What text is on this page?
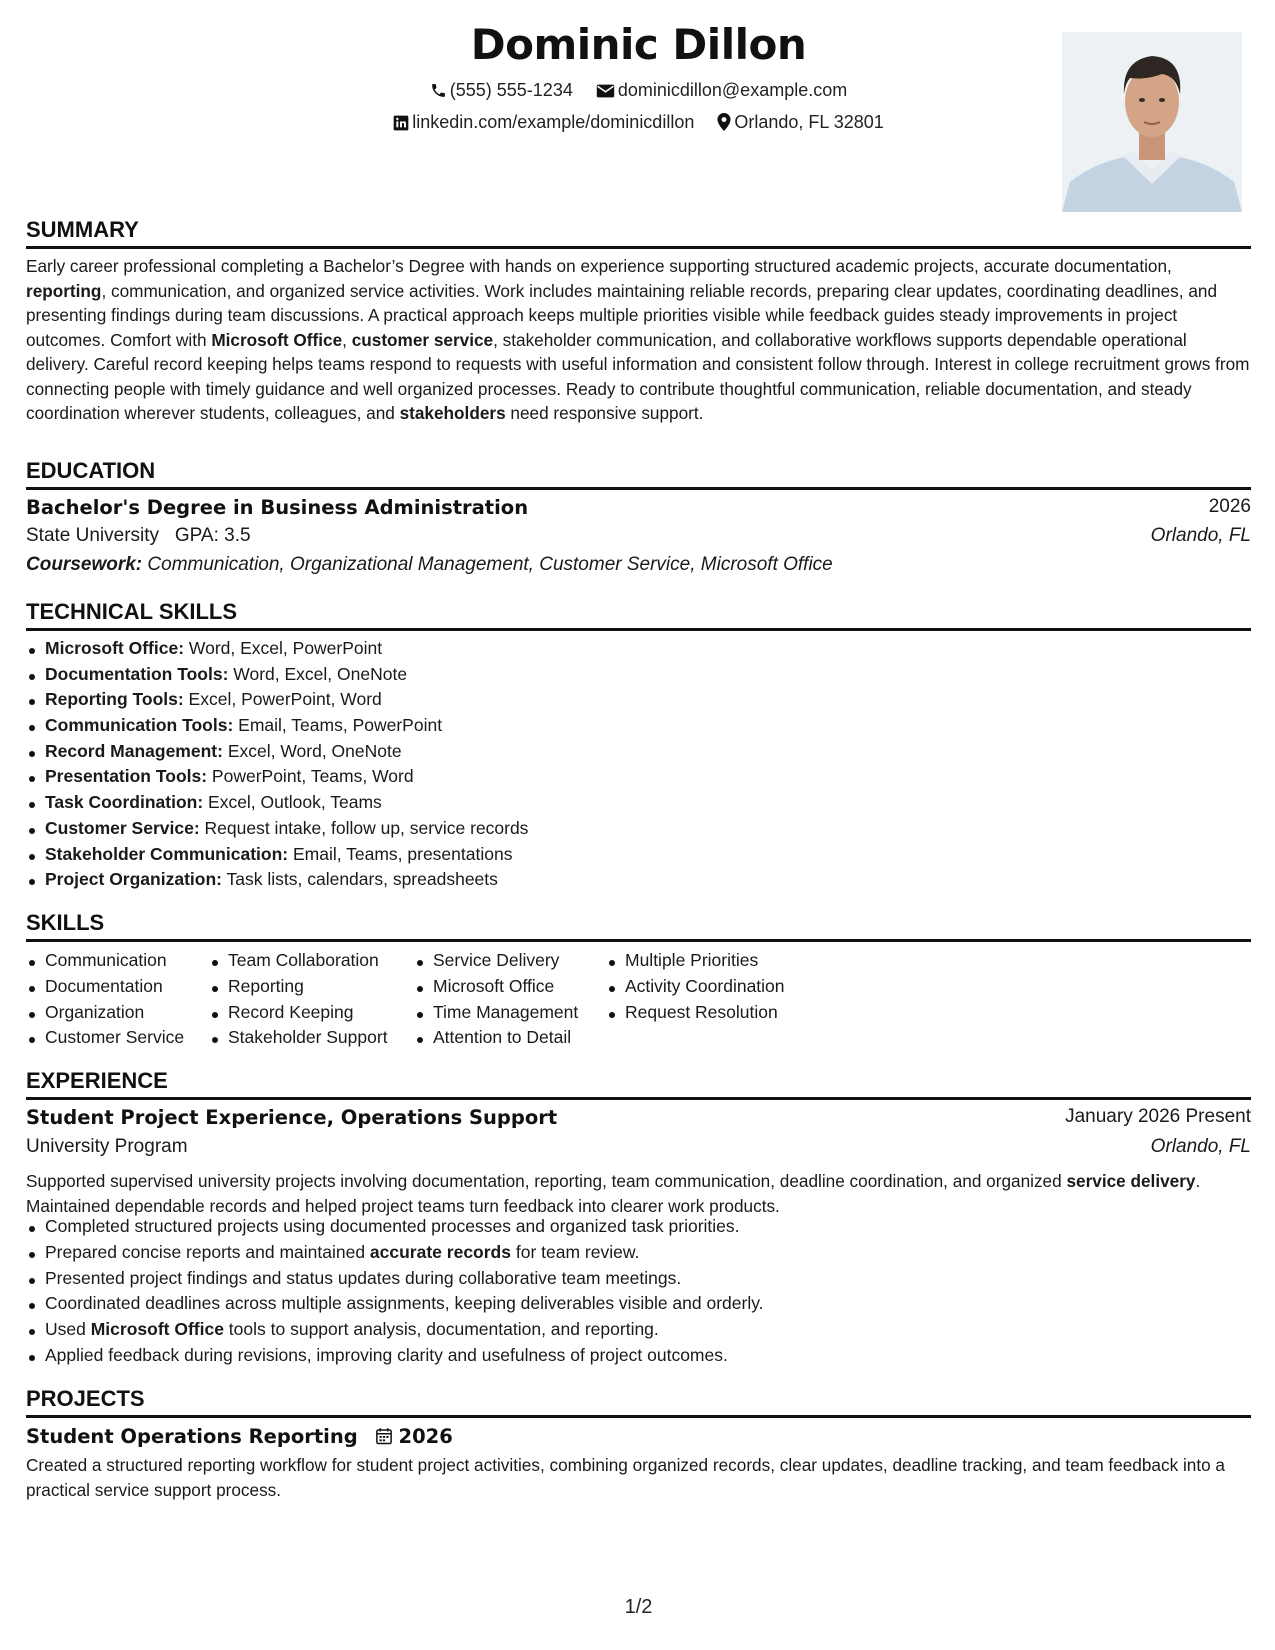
Dominic Dillon
(555) 555-1234	dominicdillon@example.com
linkedin.com/example/dominicdillon Orlando, FL 32801
SUMMARY
Early career professional completing a Bachelor’s Degree with hands on experience supporting structured academic projects, accurate documentation, reporting, communication, and organized service activities. Work includes maintaining reliable records, preparing clear updates, coordinating deadlines, and presenting findings during team discussions. A practical approach keeps multiple priorities visible while feedback guides steady improvements in project outcomes. Comfort with Microsoft Office, customer service, stakeholder communication, and collaborative workflows supports dependable operational delivery. Careful record keeping helps teams respond to requests with useful information and consistent follow through. Interest in college recruitment grows from connecting people with timely guidance and well organized processes. Ready to contribute thoughtful communication, reliable documentation, and steady coordination wherever students, colleagues, and stakeholders need responsive support.
EDUCATION
Bachelor's Degree in Business Administration	2026
State University GPA: 3.5	Orlando, FL
Coursework: Communication, Organizational Management, Customer Service, Microsoft Office
TECHNICAL SKILLS
Microsoft Office: Word, Excel, PowerPoint
Documentation Tools: Word, Excel, OneNote
Reporting Tools: Excel, PowerPoint, Word
Communication Tools: Email, Teams, PowerPoint
Record Management: Excel, Word, OneNote
Presentation Tools: PowerPoint, Teams, Word
Task Coordination: Excel, Outlook, Teams
Customer Service: Request intake, follow up, service records
Stakeholder Communication: Email, Teams, presentations
Project Organization: Task lists, calendars, spreadsheets
SKILLS
Communication
Documentation
Organization
Customer Service
Team Collaboration
Reporting
Record Keeping
Stakeholder Support
Service Delivery
Microsoft Office
Time Management
Attention to Detail
Multiple Priorities
Activity Coordination
Request Resolution
EXPERIENCE
Student Project Experience, Operations Support	January 2026 Present
University Program	Orlando, FL
Supported supervised university projects involving documentation, reporting, team communication, deadline coordination, and organized service delivery. Maintained dependable records and helped project teams turn feedback into clearer work products.
Completed structured projects using documented processes and organized task priorities.
Prepared concise reports and maintained accurate records for team review.
Presented project findings and status updates during collaborative team meetings.
Coordinated deadlines across multiple assignments, keeping deliverables visible and orderly.
Used Microsoft Office tools to support analysis, documentation, and reporting.
Applied feedback during revisions, improving clarity and usefulness of project outcomes.
PROJECTS
Student Operations Reporting 2026
Created a structured reporting workflow for student project activities, combining organized records, clear updates, deadline tracking, and team feedback into a practical service support process.
1/2
